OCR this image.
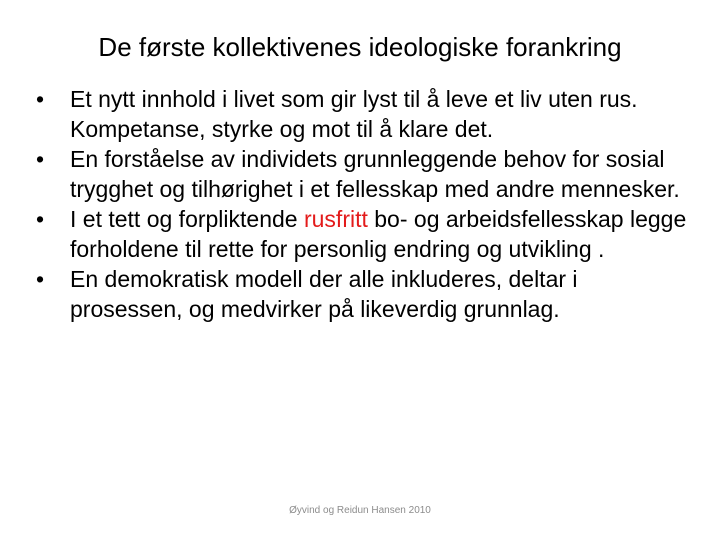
De første kollektivenes ideologiske forankring
• Et nytt innhold i livet som gir lyst til å leve et liv uten rus. Kompetanse, styrke og mot til å klare det.
• En forståelse av individets grunnleggende behov for sosial trygghet og tilhørighet i et fellesskap med andre mennesker.
• I et tett og forpliktende rusfritt bo- og arbeidsfellesskap legge forholdene til rette for personlig endring og utvikling .
• En demokratisk modell der alle inkluderes, deltar i prosessen, og medvirker på likeverdig grunnlag.
Øyvind og Reidun Hansen 2010
